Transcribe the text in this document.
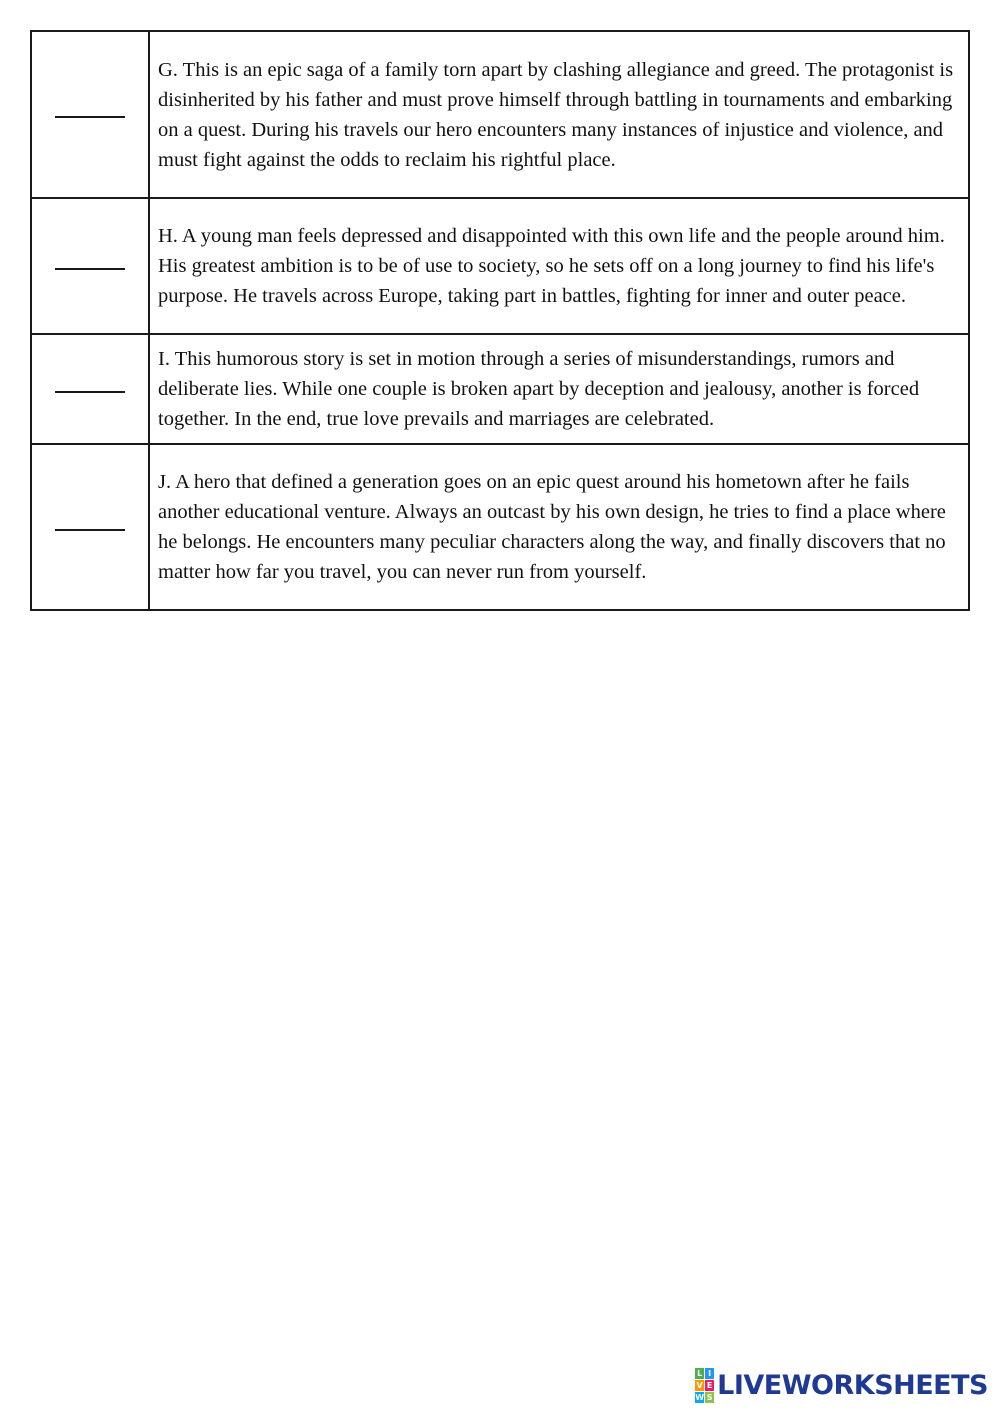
	G. This is an epic saga of a family torn apart by clashing allegiance and greed. The protagonist is disinherited by his father and must prove himself through battling in tournaments and embarking on a quest. During his travels our hero encounters many instances of injustice and violence, and must fight against the odds to reclaim his rightful place.
	H. A young man feels depressed and disappointed with this own life and the people around him. His greatest ambition is to be of use to society, so he sets off on a long journey to find his life's purpose. He travels across Europe, taking part in battles, fighting for inner and outer peace.
	I. This humorous story is set in motion through a series of misunderstandings, rumors and deliberate lies. While one couple is broken apart by deception and jealousy, another is forced together. In the end, true love prevails and marriages are celebrated.
	J. A hero that defined a generation goes on an epic quest around his hometown after he fails another educational venture. Always an outcast by his own design, he tries to find a place where he belongs. He encounters many peculiar characters along the way, and finally discovers that no matter how far you travel, you can never run from yourself.
L I
V E
W S LIVEWORKSHEETS
